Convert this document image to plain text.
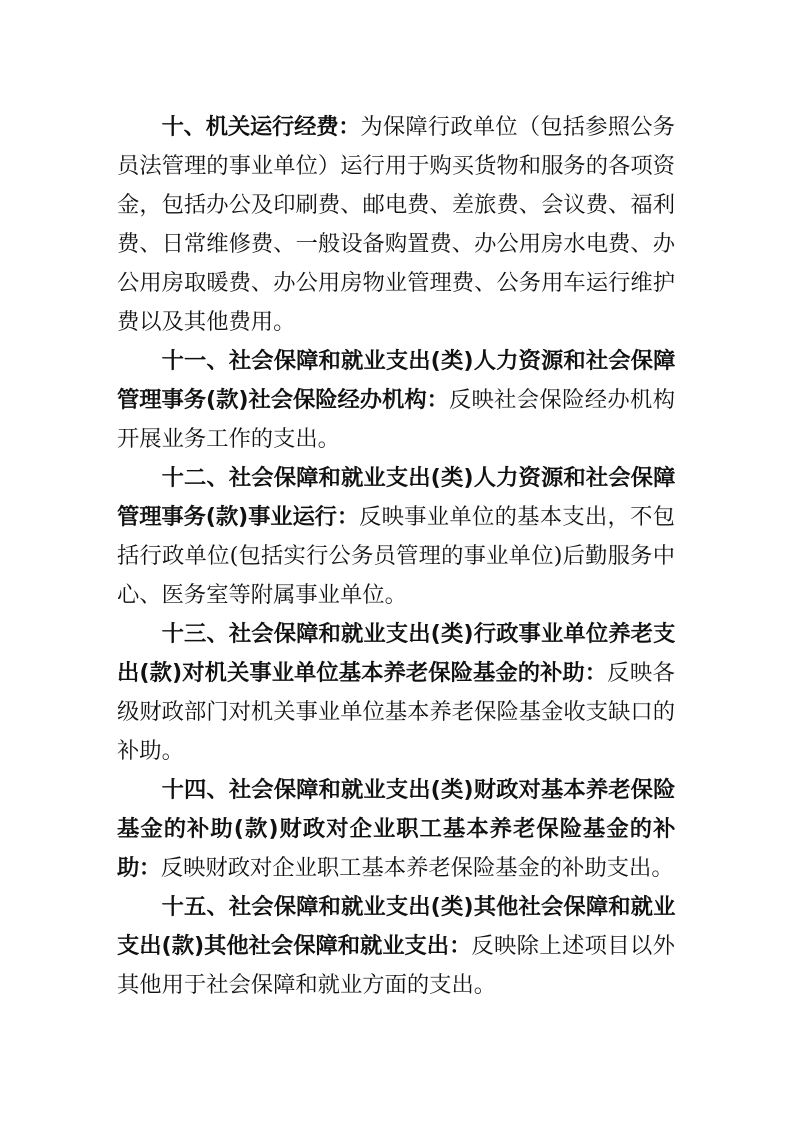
十、机关运行经费：为保障行政单位（包括参照公务员法管理的事业单位）运行用于购买货物和服务的各项资金，包括办公及印刷费、邮电费、差旅费、会议费、福利费、日常维修费、一般设备购置费、办公用房水电费、办公用房取暖费、办公用房物业管理费、公务用车运行维护费以及其他费用。

十一、社会保障和就业支出(类)人力资源和社会保障管理事务(款)社会保险经办机构：反映社会保险经办机构开展业务工作的支出。

十二、社会保障和就业支出(类)人力资源和社会保障管理事务(款)事业运行：反映事业单位的基本支出，不包括行政单位(包括实行公务员管理的事业单位)后勤服务中心、医务室等附属事业单位。

十三、社会保障和就业支出(类)行政事业单位养老支出(款)对机关事业单位基本养老保险基金的补助：反映各级财政部门对机关事业单位基本养老保险基金收支缺口的补助。

十四、社会保障和就业支出(类)财政对基本养老保险基金的补助(款)财政对企业职工基本养老保险基金的补助：反映财政对企业职工基本养老保险基金的补助支出。

十五、社会保障和就业支出(类)其他社会保障和就业支出(款)其他社会保障和就业支出：反映除上述项目以外其他用于社会保障和就业方面的支出。
